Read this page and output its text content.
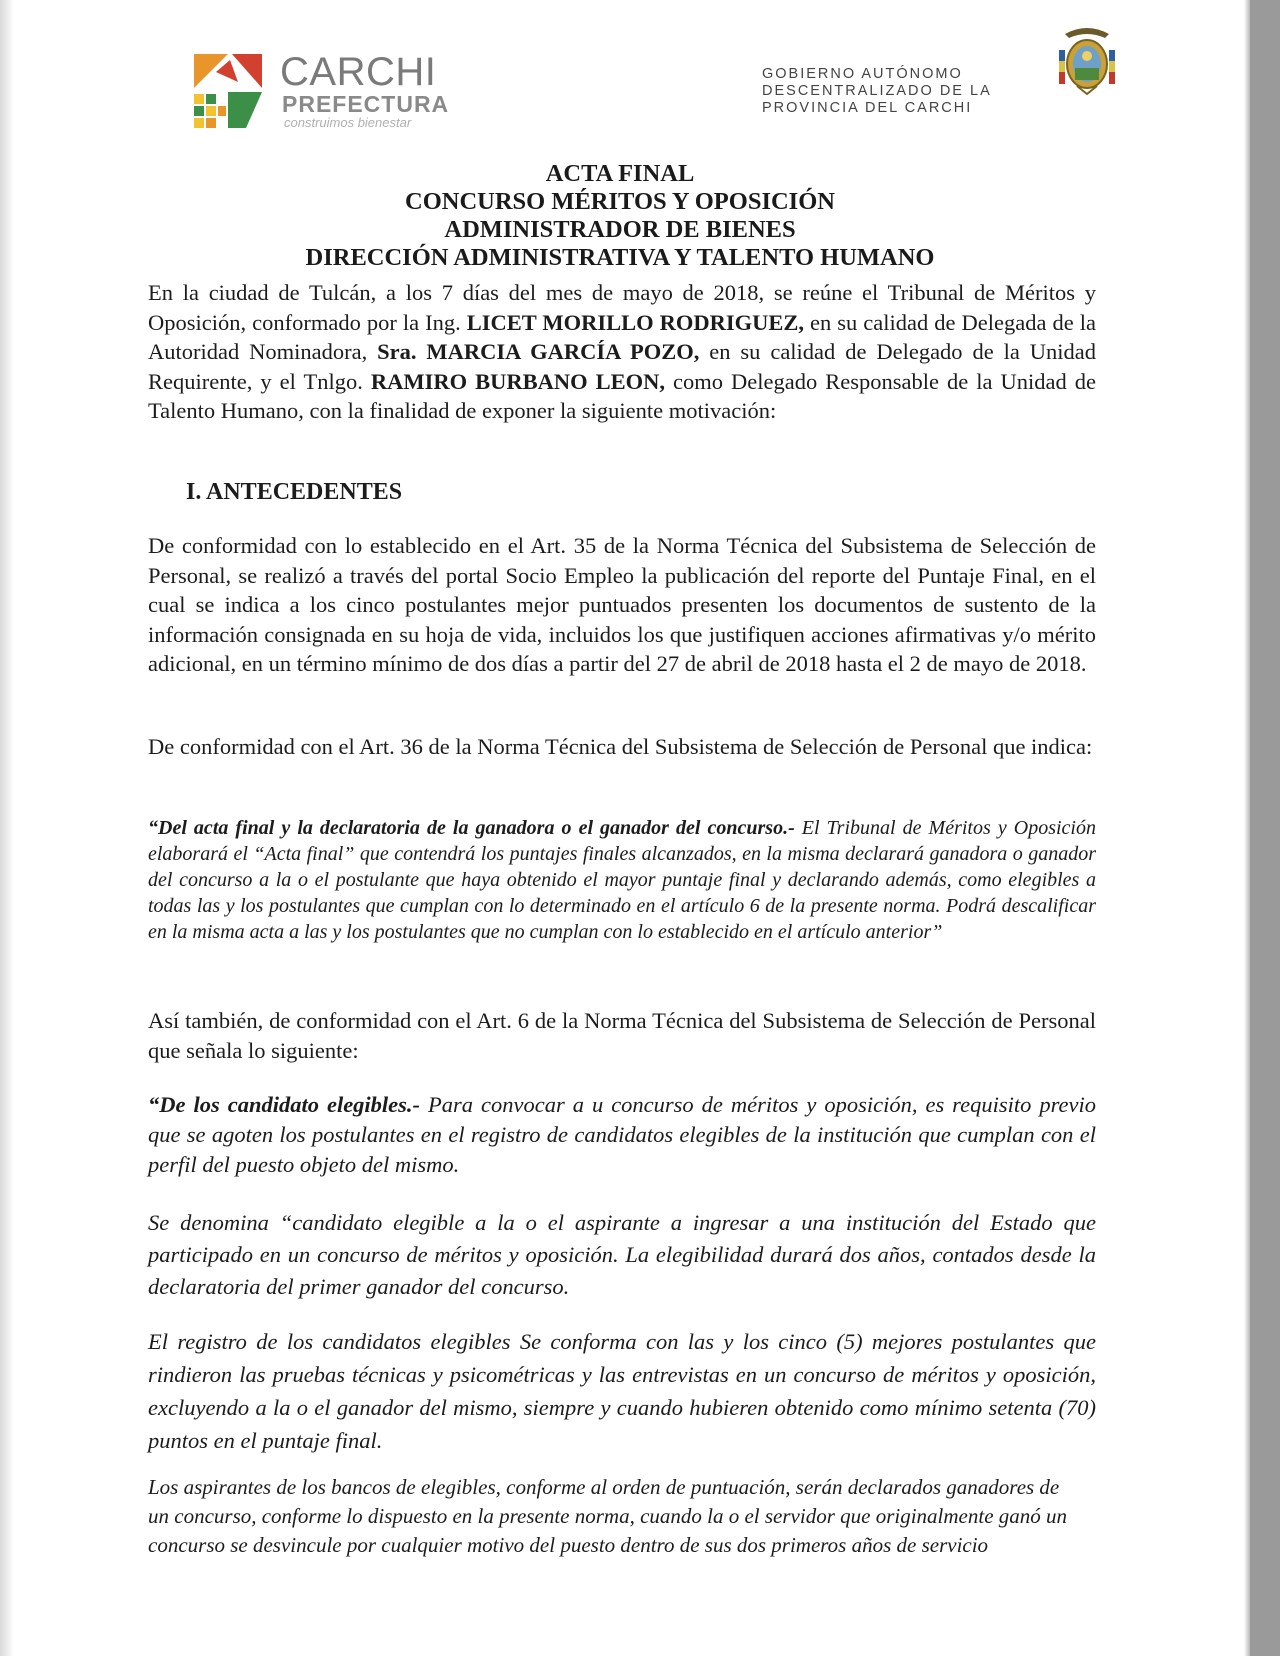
CARCHI
PREFECTURA
construimos bienestar
GOBIERNO AUTÓNOMO
DESCENTRALIZADO DE LA
PROVINCIA DEL CARCHI
ACTA FINAL
CONCURSO MÉRITOS Y OPOSICIÓN
ADMINISTRADOR DE BIENES
DIRECCIÓN ADMINISTRATIVA Y TALENTO HUMANO

En la ciudad de Tulcán, a los 7 días del mes de mayo de 2018, se reúne el Tribunal de Méritos y Oposición, conformado por la Ing. LICET MORILLO RODRIGUEZ, en su calidad de Delegada de la Autoridad Nominadora, Sra. MARCIA GARCÍA POZO, en su calidad de Delegado de la Unidad Requirente, y el Tnlgo. RAMIRO BURBANO LEON, como Delegado Responsable de la Unidad de Talento Humano, con la finalidad de exponer la siguiente motivación:

I. ANTECEDENTES

De conformidad con lo establecido en el Art. 35 de la Norma Técnica del Subsistema de Selección de Personal, se realizó a través del portal Socio Empleo la publicación del reporte del Puntaje Final, en el cual se indica a los cinco postulantes mejor puntuados presenten los documentos de sustento de la información consignada en su hoja de vida, incluidos los que justifiquen acciones afirmativas y/o mérito adicional, en un término mínimo de dos días a partir del 27 de abril de 2018 hasta el 2 de mayo de 2018.

De conformidad con el Art. 36 de la Norma Técnica del Subsistema de Selección de Personal que indica:

“Del acta final y la declaratoria de la ganadora o el ganador del concurso.- El Tribunal de Méritos y Oposición elaborará el “Acta final” que contendrá los puntajes finales alcanzados, en la misma declarará ganadora o ganador del concurso a la o el postulante que haya obtenido el mayor puntaje final y declarando además, como elegibles a todas las y los postulantes que cumplan con lo determinado en el artículo 6 de la presente norma. Podrá descalificar en la misma acta a las y los postulantes que no cumplan con lo establecido en el artículo anterior”

Así también, de conformidad con el Art. 6 de la Norma Técnica del Subsistema de Selección de Personal que señala lo siguiente:

“De los candidato elegibles.- Para convocar a u concurso de méritos y oposición, es requisito previo que se agoten los postulantes en el registro de candidatos elegibles de la institución que cumplan con el perfil del puesto objeto del mismo.
Se denomina “candidato elegible a la o el aspirante a ingresar a una institución del Estado que participado en un concurso de méritos y oposición. La elegibilidad durará dos años, contados desde la declaratoria del primer ganador del concurso.
El registro de los candidatos elegibles Se conforma con las y los cinco (5) mejores postulantes que rindieron las pruebas técnicas y psicométricas y las entrevistas en un concurso de méritos y oposición, excluyendo a la o el ganador del mismo, siempre y cuando hubieren obtenido como mínimo setenta (70) puntos en el puntaje final.
Los aspirantes de los bancos de elegibles, conforme al orden de puntuación, serán declarados ganadores de un concurso, conforme lo dispuesto en la presente norma, cuando la o el servidor que originalmente ganó un concurso se desvincule por cualquier motivo del puesto dentro de sus dos primeros años de servicio
